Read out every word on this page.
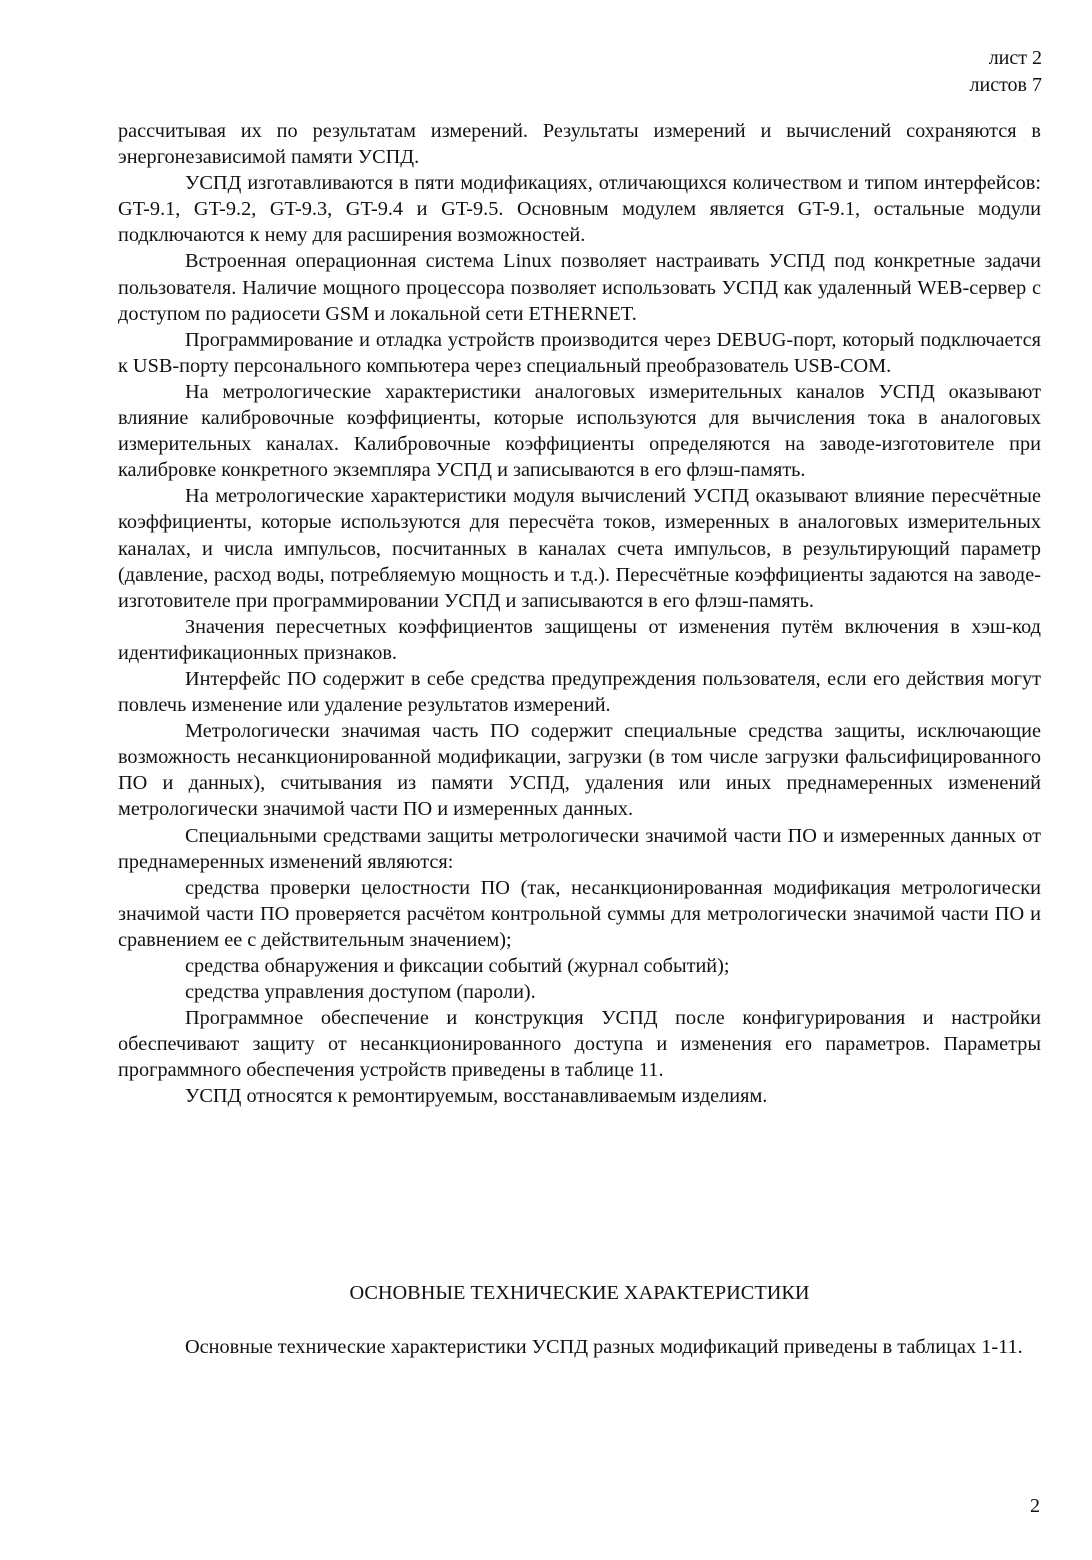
лист 2
листов 7

рассчитывая их по результатам измерений. Результаты измерений и вычислений сохраняются в энергонезависимой памяти УСПД.

УСПД изготавливаются в пяти модификациях, отличающихся количеством и типом интерфейсов: GT-9.1, GT-9.2, GT-9.3, GT-9.4 и GT-9.5. Основным модулем является GT-9.1, остальные модули подключаются к нему для расширения возможностей.

Встроенная операционная система Linux позволяет настраивать УСПД под конкретные задачи пользователя. Наличие мощного процессора позволяет использовать УСПД как удаленный WEB-сервер с доступом по радиосети GSM и локальной сети ETHERNET.

Программирование и отладка устройств производится через DEBUG-порт, который подключается к USB-порту персонального компьютера через специальный преобразователь USB-COM.

На метрологические характеристики аналоговых измерительных каналов УСПД оказывают влияние калибровочные коэффициенты, которые используются для вычисления тока в аналоговых измерительных каналах. Калибровочные коэффициенты определяются на заводе-изготовителе при калибровке конкретного экземпляра УСПД и записываются в его флэш-память.

На метрологические характеристики модуля вычислений УСПД оказывают влияние пересчётные коэффициенты, которые используются для пересчёта токов, измеренных в аналоговых измерительных каналах, и числа импульсов, посчитанных в каналах счета импульсов, в результирующий параметр (давление, расход воды, потребляемую мощность и т.д.). Пересчётные коэффициенты задаются на заводе-изготовителе при программировании УСПД и записываются в его флэш-память.

Значения пересчетных коэффициентов защищены от изменения путём включения в хэш-код идентификационных признаков.

Интерфейс ПО содержит в себе средства предупреждения пользователя, если его действия могут повлечь изменение или удаление результатов измерений.

Метрологически значимая часть ПО содержит специальные средства защиты, исключающие возможность несанкционированной модификации, загрузки (в том числе загрузки фальсифицированного ПО и данных), считывания из памяти УСПД, удаления или иных преднамеренных изменений метрологически значимой части ПО и измеренных данных.

Специальными средствами защиты метрологически значимой части ПО и измеренных данных от преднамеренных изменений являются:

средства проверки целостности ПО (так, несанкционированная модификация метрологически значимой части ПО проверяется расчётом контрольной суммы для метрологически значимой части ПО и сравнением ее с действительным значением);

средства обнаружения и фиксации событий (журнал событий);

средства управления доступом (пароли).

Программное обеспечение и конструкция УСПД после конфигурирования и настройки обеспечивают защиту от несанкционированного доступа и изменения его параметров. Параметры программного обеспечения устройств приведены в таблице 11.

УСПД относятся к ремонтируемым, восстанавливаемым изделиям.

ОСНОВНЫЕ ТЕХНИЧЕСКИЕ ХАРАКТЕРИСТИКИ

Основные технические характеристики УСПД разных модификаций приведены в таблицах 1-11.

2
